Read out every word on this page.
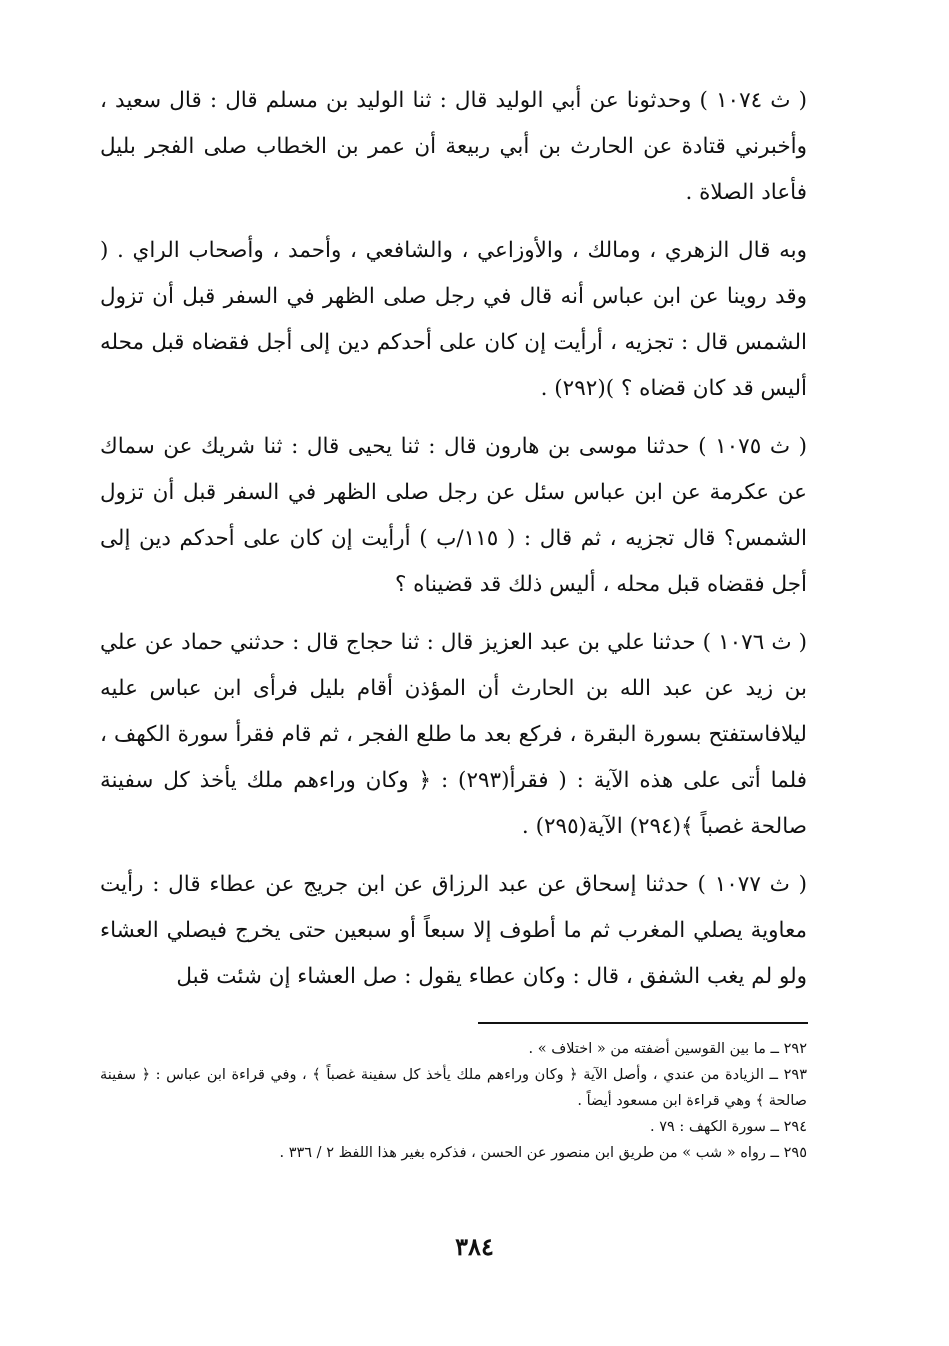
( ث ١٠٧٤ ) وحدثونا عن أبي الوليد قال : ثنا الوليد بن مسلم قال : قال سعيد ، وأخبرني قتادة عن الحارث بن أبي ربيعة أن عمر بن الخطاب صلى الفجر بليل فأعاد الصلاة .

وبه قال الزهري ، ومالك ، والأوزاعي ، والشافعي ، وأحمد ، وأصحاب الراي . ( وقد روينا عن ابن عباس أنه قال في رجل صلى الظهر في السفر قبل أن تزول الشمس قال : تجزيه ، أرأيت إن كان على أحدكم دين إلى أجل فقضاه قبل محله أليس قد كان قضاه ؟ )(٢٩٢) .

( ث ١٠٧٥ ) حدثنا موسى بن هارون قال : ثنا يحيى قال : ثنا شريك عن سماك عن عكرمة عن ابن عباس سئل عن رجل صلى الظهر في السفر قبل أن تزول الشمس؟ قال تجزيه ، ثم قال : ( ١١٥/ب ) أرأيت إن كان على أحدكم دين إلى أجل فقضاه قبل محله ، أليس ذلك قد قضيناه ؟

( ث ١٠٧٦ ) حدثنا علي بن عبد العزيز قال : ثنا حجاج قال : حدثني حماد عن علي بن زيد عن عبد الله بن الحارث أن المؤذن أقام بليل فرأى ابن عباس عليه ليلافاستفتح بسورة البقرة ، فركع بعد ما طلع الفجر ، ثم قام فقرأ سورة الكهف ، فلما أتى على هذه الآية : ( فقرأ(٢٩٣) : ﴿ وكان وراءهم ملك يأخذ كل سفينة صالحة غصباً ﴾(٢٩٤) الآية(٢٩٥) .

( ث ١٠٧٧ ) حدثنا إسحاق عن عبد الرزاق عن ابن جريج عن عطاء قال : رأيت معاوية يصلي المغرب ثم ما أطوف إلا سبعاً أو سبعين حتى يخرج فيصلي العشاء ولو لم يغب الشفق ، قال : وكان عطاء يقول : صل العشاء إن شئت قبل

٢٩٢ ــ ما بين القوسين أضفته من « اختلاف » .

٢٩٣ ــ الزيادة من عندي ، وأصل الآية ﴿ وكان وراءهم ملك يأخذ كل سفينة غصباً ﴾ ، وفي قراءة ابن عباس : ﴿ سفينة صالحة ﴾ وهي قراءة ابن مسعود أيضاً .

٢٩٤ ــ سورة الكهف : ٧٩ .

٢٩٥ ــ رواه « شب » من طريق ابن منصور عن الحسن ، فذكره بغير هذا اللفظ ٢ / ٣٣٦ .

٣٨٤
